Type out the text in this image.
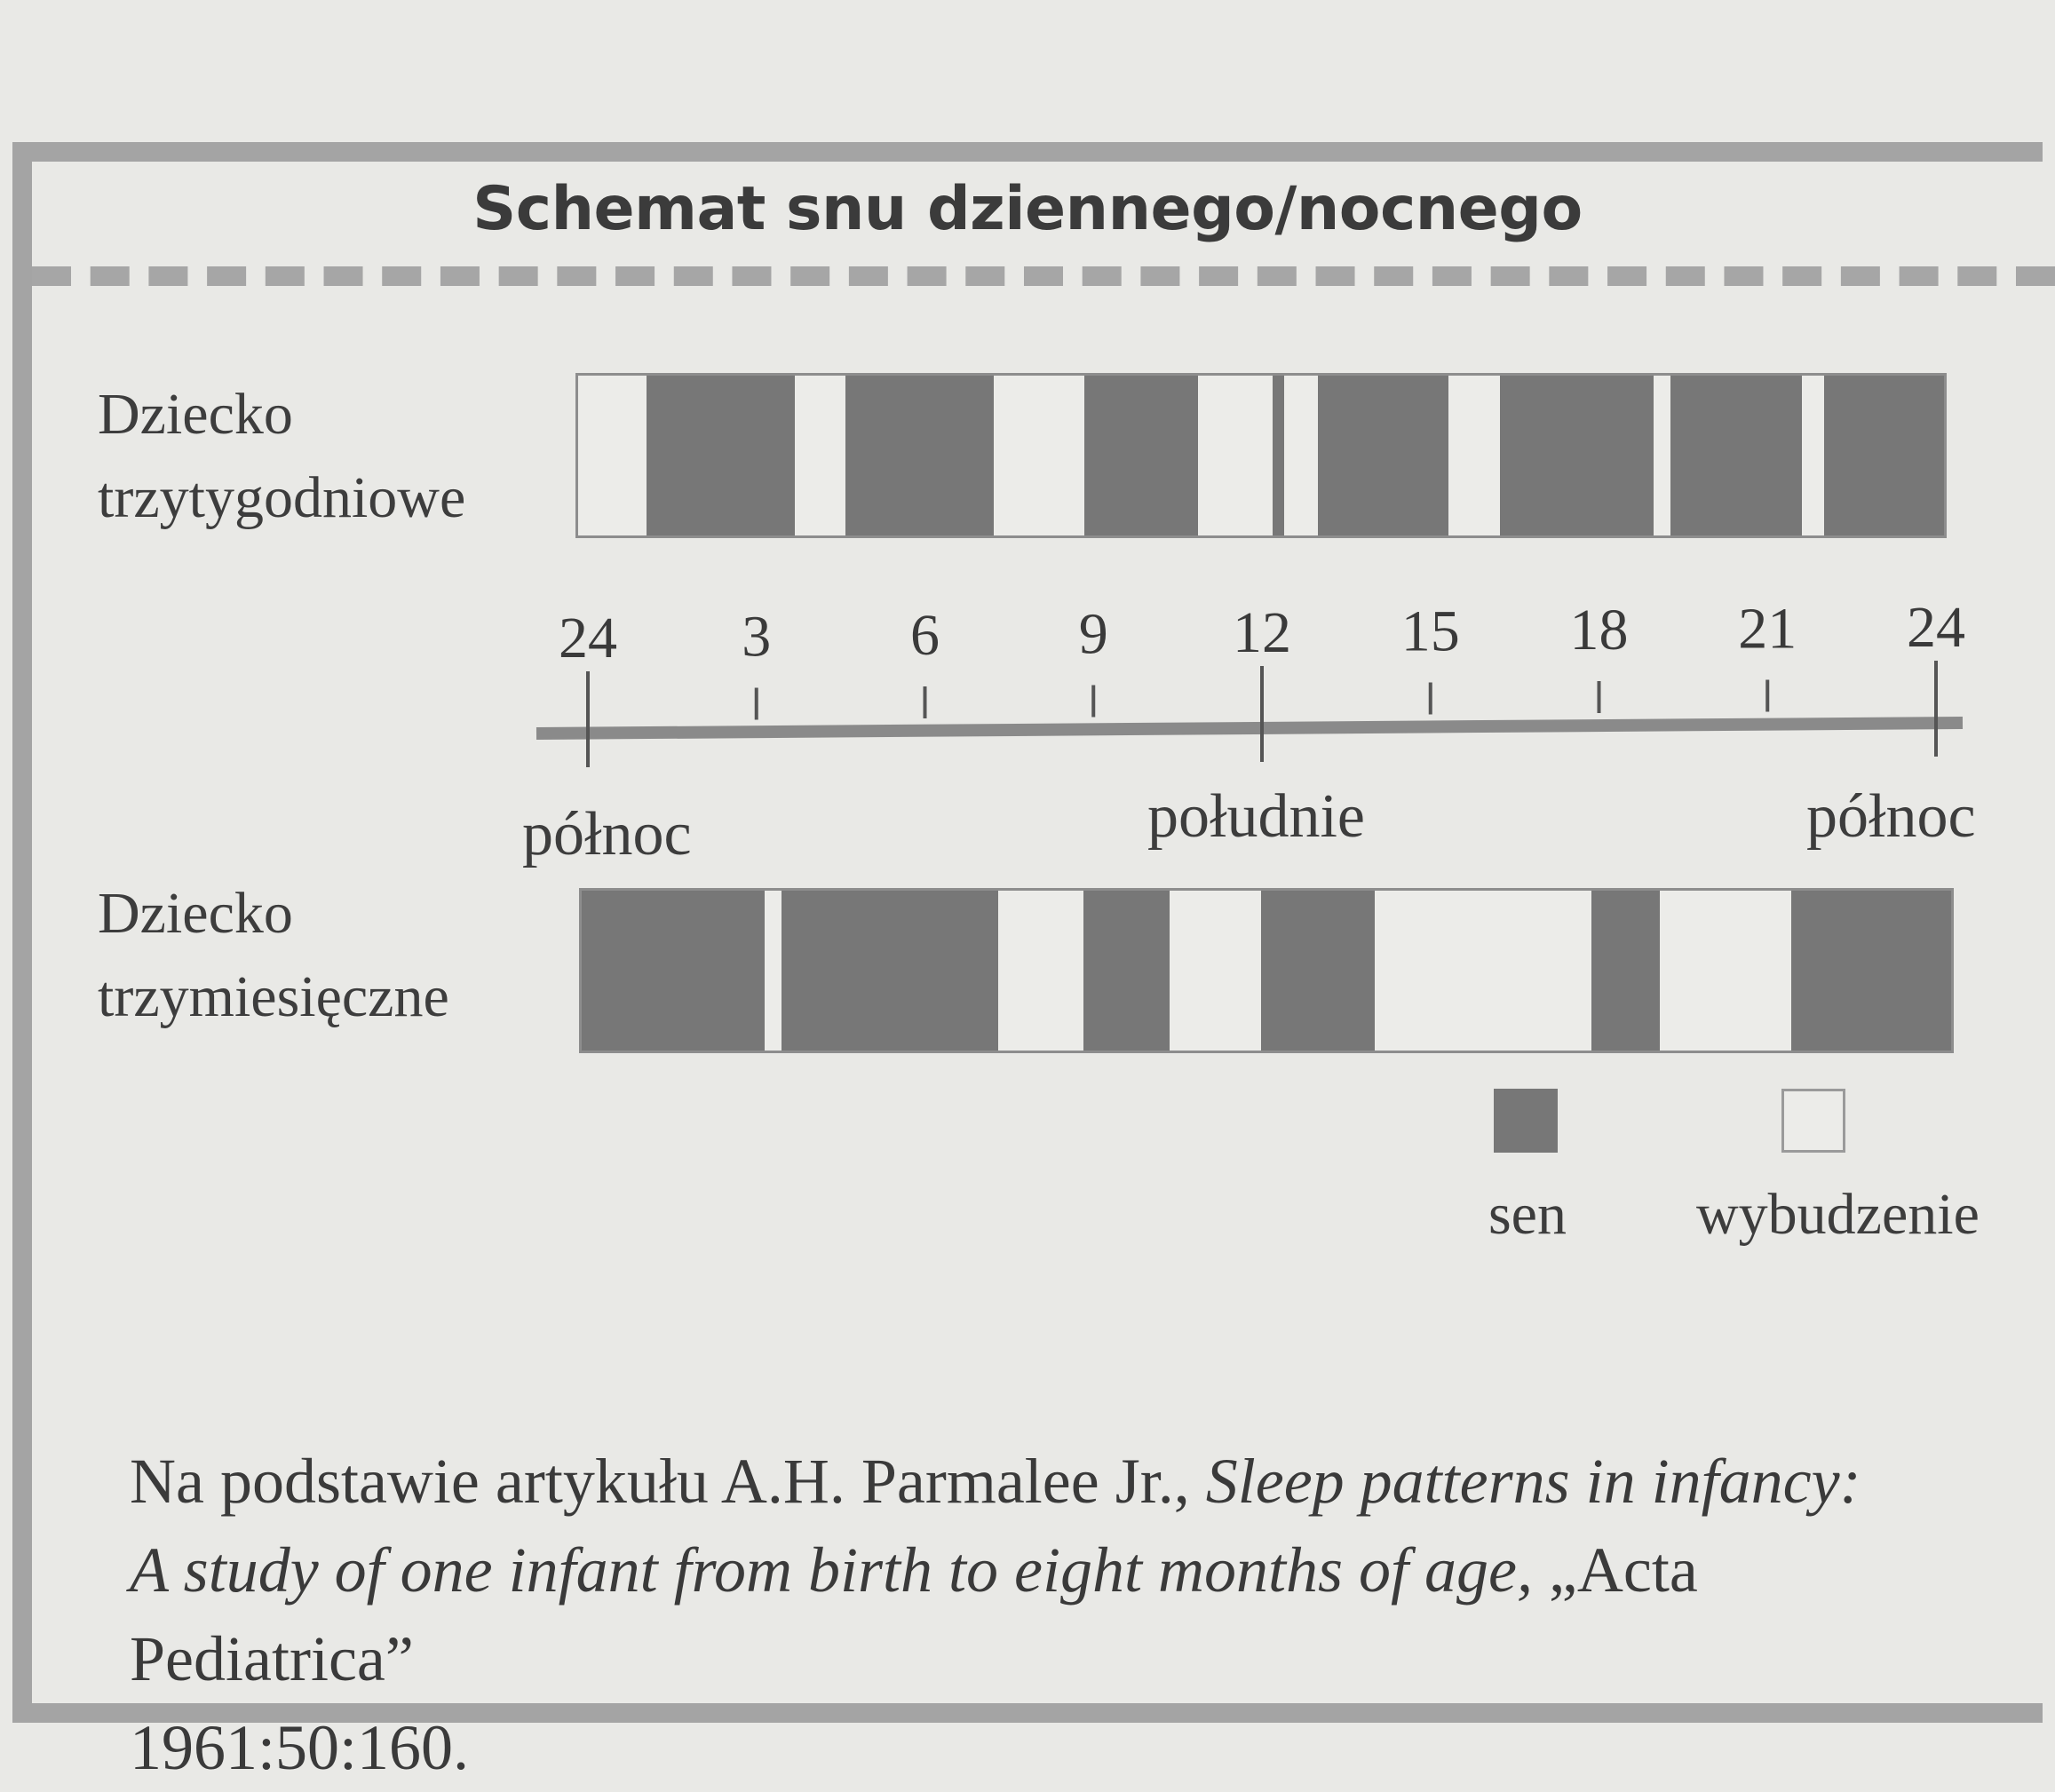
Schemat snu dziennego/nocnego
Dziecko
trzytygodniowe
24 3 6 9 12 15 18 21 24
północ	południe	północ
Dziecko
trzymiesięczne
sen wybudzenie
Na podstawie artykułu A.H. Parmalee Jr., Sleep patterns in infancy:
A study of one infant from birth to eight months of age, „Acta Pediatrica”
1961:50:160.
